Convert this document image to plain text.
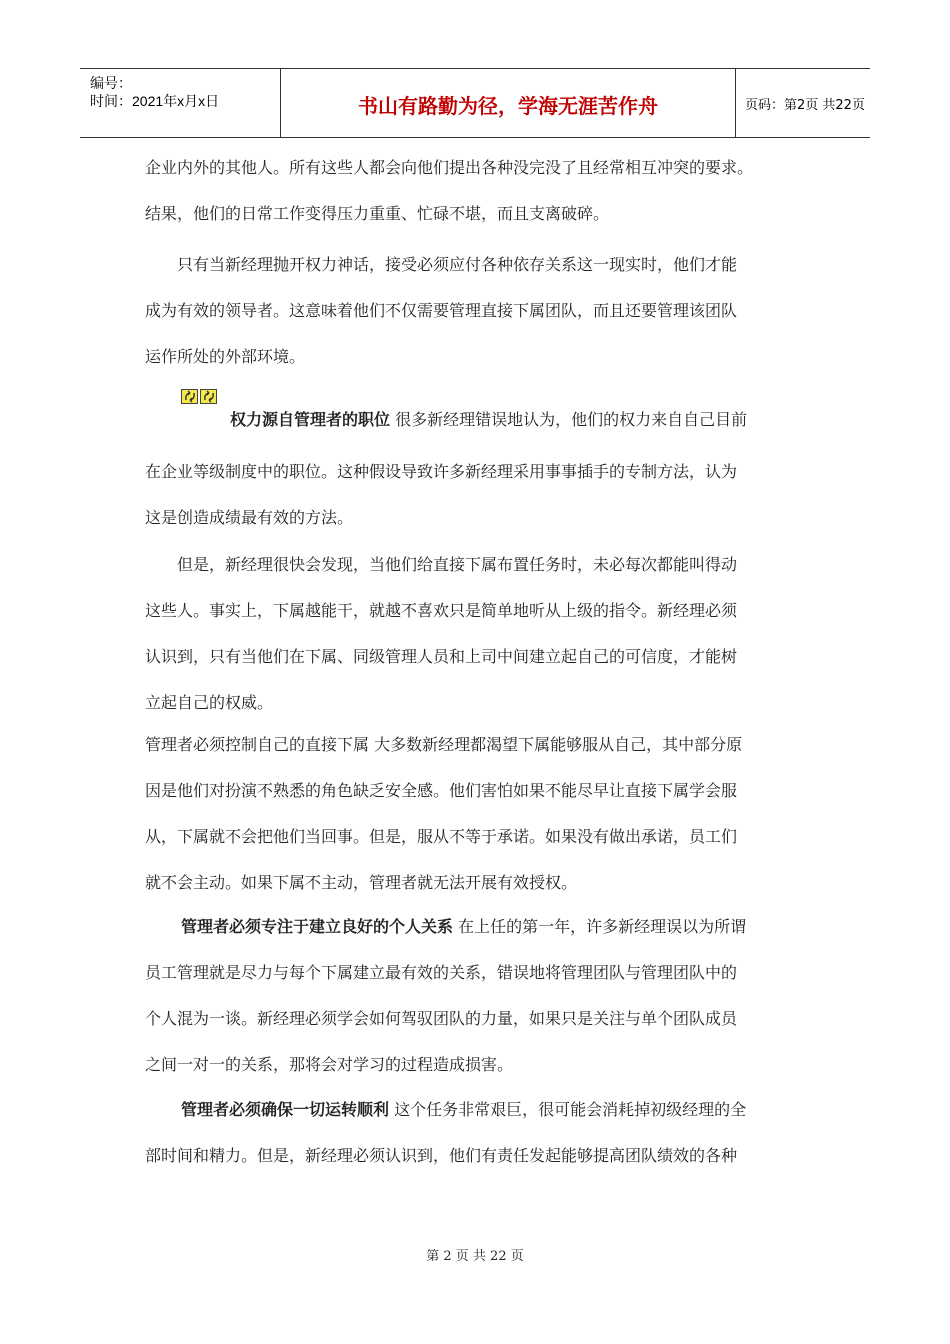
编号：
时间：2021年x月x日	书山有路勤为径，学海无涯苦作舟	页码：第2页 共22页
企业内外的其他人。所有这些人都会向他们提出各种没完没了且经常相互冲突的要求。
结果，他们的日常工作变得压力重重、忙碌不堪，而且支离破碎。
只有当新经理抛开权力神话，接受必须应付各种依存关系这一现实时，他们才能
成为有效的领导者。这意味着他们不仅需要管理直接下属团队，而且还要管理该团队
运作所处的外部环境。
权力源自管理者的职位 很多新经理错误地认为，他们的权力来自自己目前
在企业等级制度中的职位。这种假设导致许多新经理采用事事插手的专制方法，认为
这是创造成绩最有效的方法。
但是，新经理很快会发现，当他们给直接下属布置任务时，未必每次都能叫得动
这些人。事实上，下属越能干，就越不喜欢只是简单地听从上级的指令。新经理必须
认识到，只有当他们在下属、同级管理人员和上司中间建立起自己的可信度，才能树
立起自己的权威。
管理者必须控制自己的直接下属 大多数新经理都渴望下属能够服从自己，其中部分原
因是他们对扮演不熟悉的角色缺乏安全感。他们害怕如果不能尽早让直接下属学会服
从，下属就不会把他们当回事。但是，服从不等于承诺。如果没有做出承诺，员工们
就不会主动。如果下属不主动，管理者就无法开展有效授权。
管理者必须专注于建立良好的个人关系 在上任的第一年，许多新经理误以为所谓
员工管理就是尽力与每个下属建立最有效的关系，错误地将管理团队与管理团队中的
个人混为一谈。新经理必须学会如何驾驭团队的力量，如果只是关注与单个团队成员
之间一对一的关系，那将会对学习的过程造成损害。
管理者必须确保一切运转顺利 这个任务非常艰巨，很可能会消耗掉初级经理的全
部时间和精力。但是，新经理必须认识到，他们有责任发起能够提高团队绩效的各种
第 2 页 共 22 页
